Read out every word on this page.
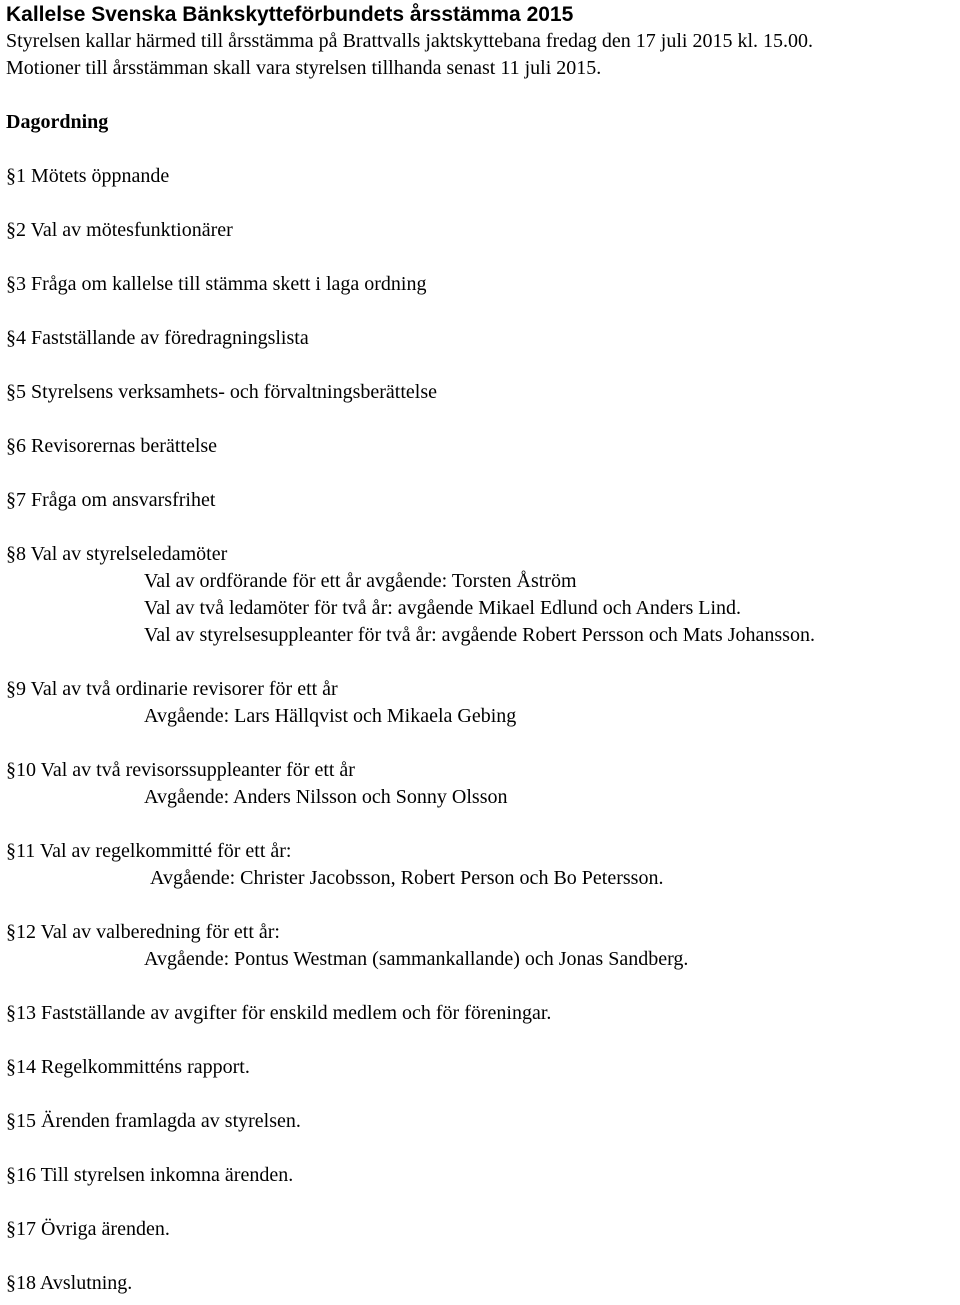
Kallelse Svenska Bänkskytteförbundets årsstämma 2015
Styrelsen kallar härmed till årsstämma på Brattvalls jaktskyttebana fredag den 17 juli 2015 kl. 15.00.
Motioner till årsstämman skall vara styrelsen tillhanda senast 11 juli 2015.
Dagordning
§1 Mötets öppnande
§2 Val av mötesfunktionärer
§3 Fråga om kallelse till stämma skett i laga ordning
§4 Fastställande av föredragningslista
§5 Styrelsens verksamhets- och förvaltningsberättelse
§6 Revisorernas berättelse
§7 Fråga om ansvarsfrihet
§8 Val av styrelseledamöter
Val av ordförande för ett år avgående: Torsten Åström
Val av två ledamöter för två år: avgående Mikael Edlund och Anders Lind.
Val av styrelsesuppleanter för två år: avgående Robert Persson och Mats Johansson.
§9 Val av två ordinarie revisorer för ett år
Avgående: Lars Hällqvist och Mikaela Gebing
§10 Val av två revisorssuppleanter för ett år
Avgående: Anders Nilsson och Sonny Olsson
§11 Val av regelkommitté för ett år:
Avgående: Christer Jacobsson, Robert Person och Bo Petersson.
§12 Val av valberedning för ett år:
Avgående: Pontus Westman (sammankallande) och Jonas Sandberg.
§13 Fastställande av avgifter för enskild medlem och för föreningar.
§14 Regelkommitténs rapport.
§15 Ärenden framlagda av styrelsen.
§16 Till styrelsen inkomna ärenden.
§17 Övriga ärenden.
§18 Avslutning.
